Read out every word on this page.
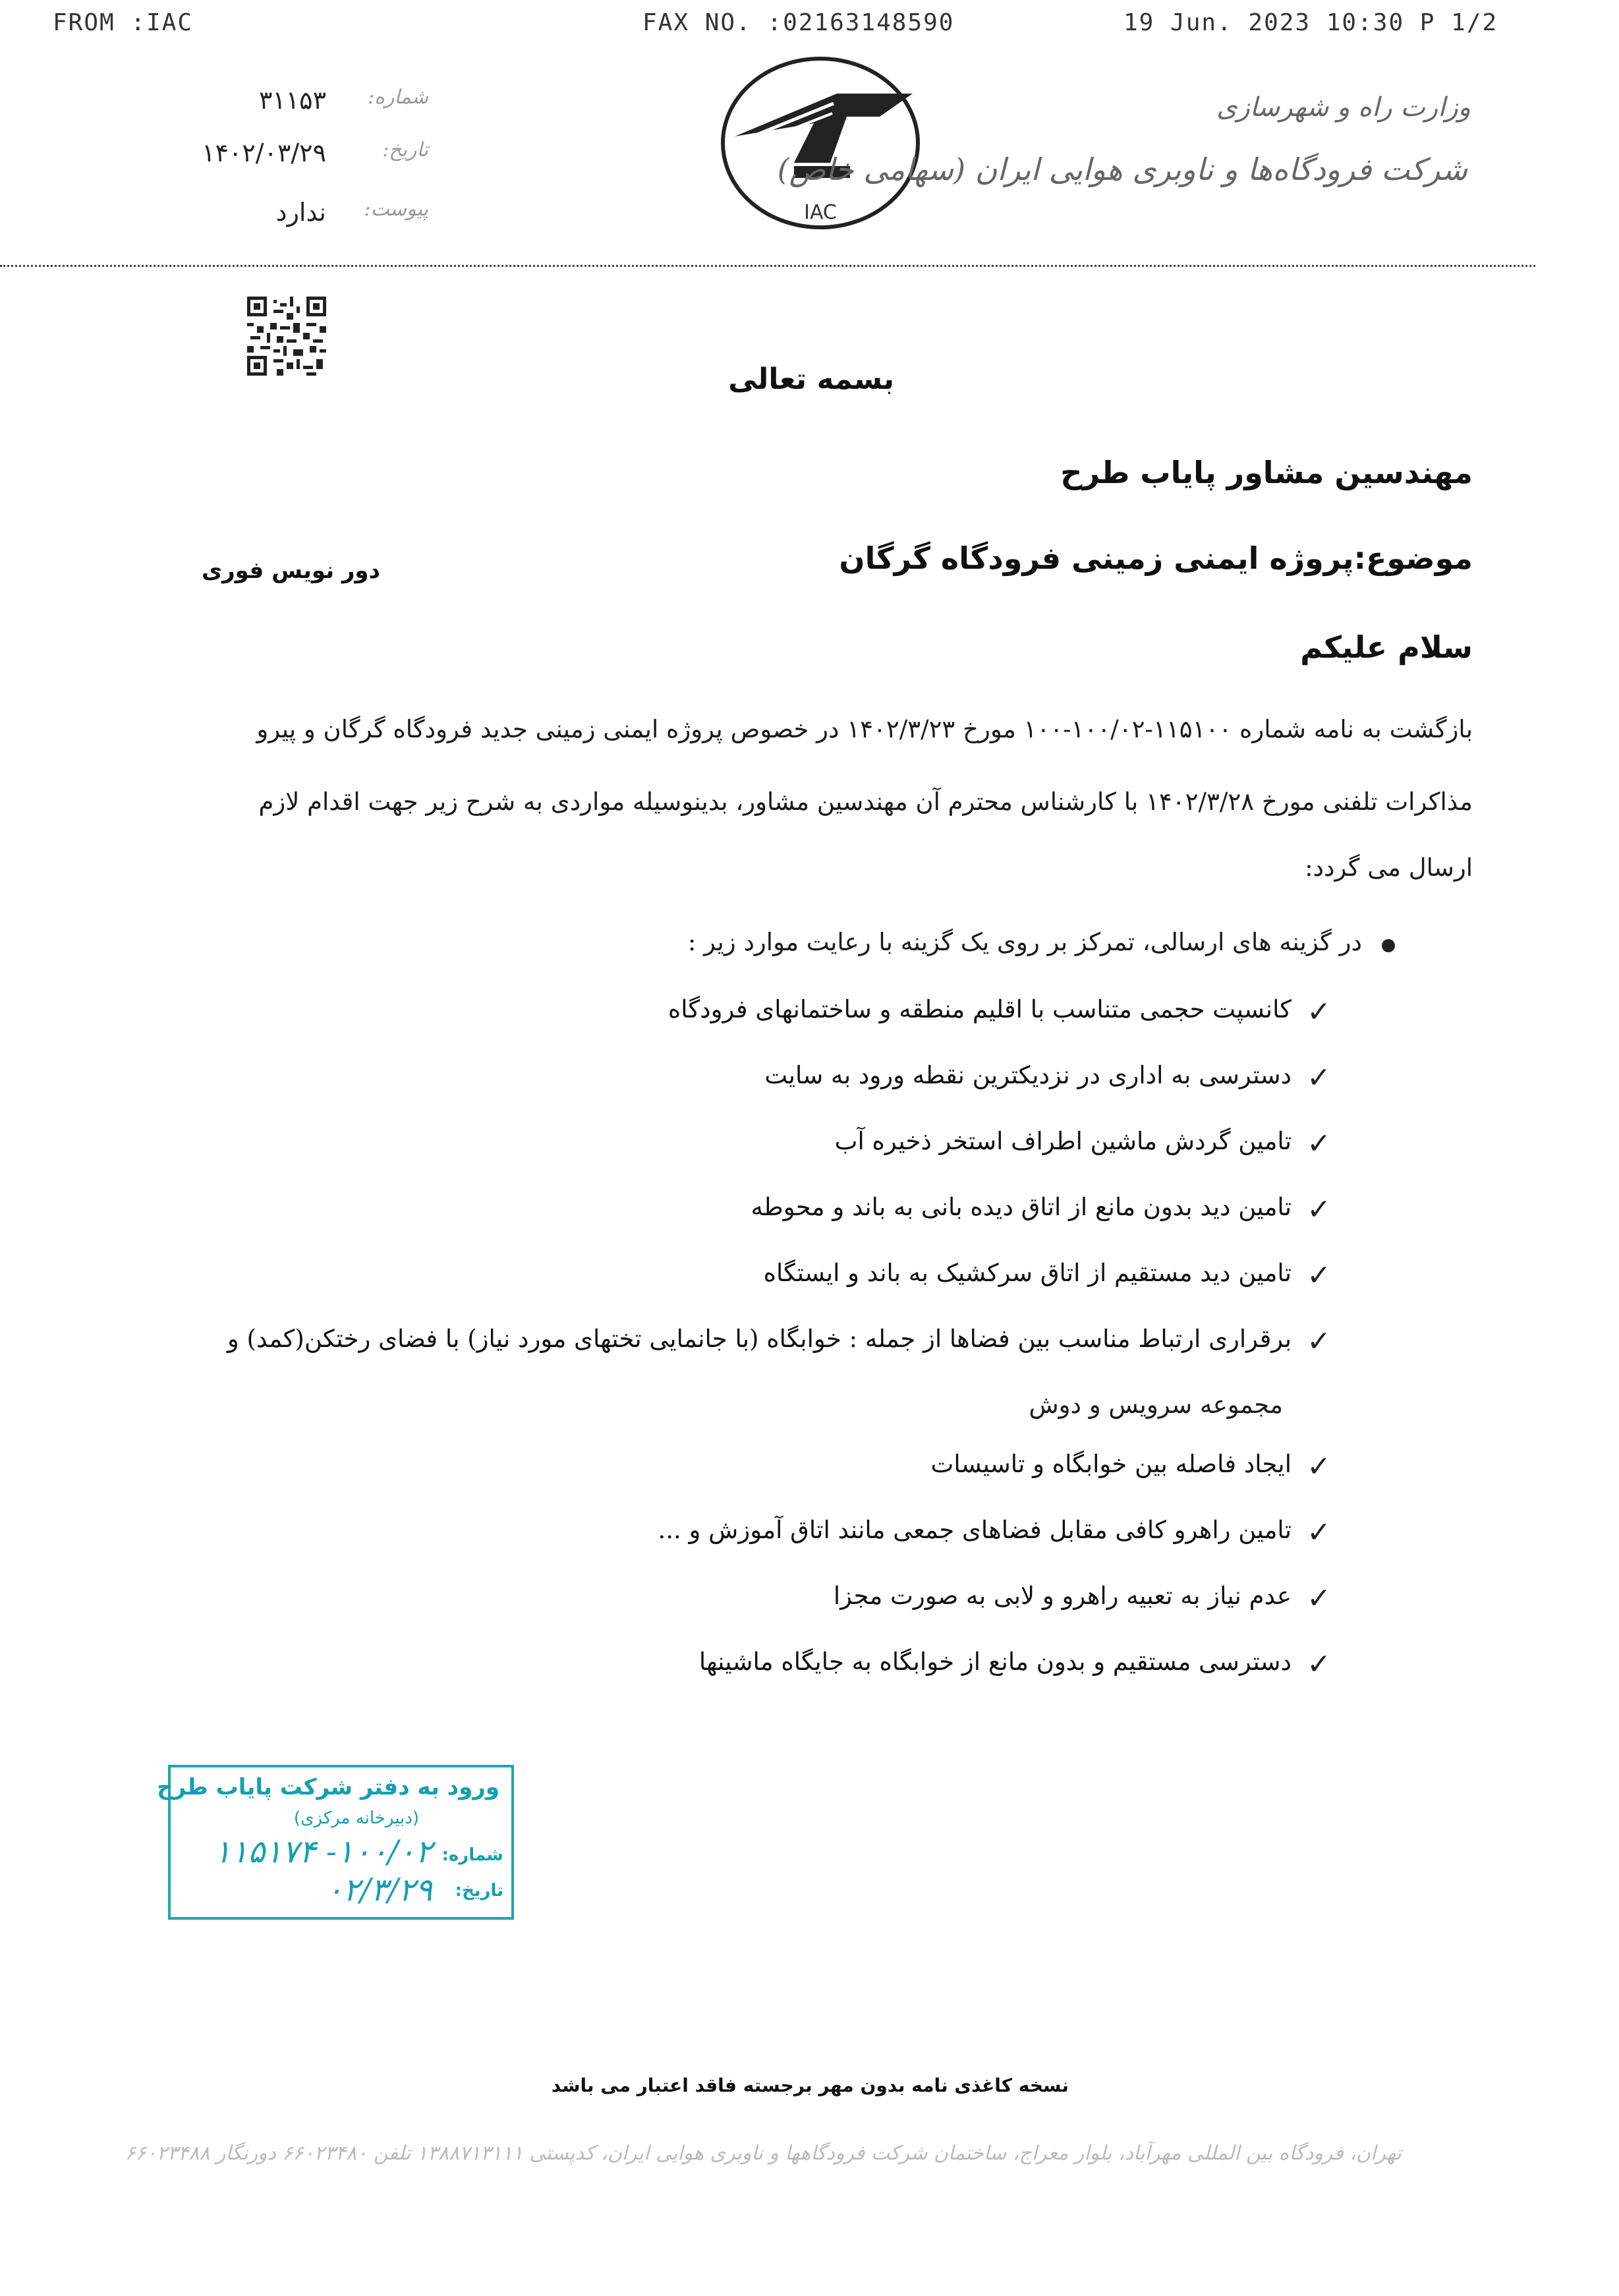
FROM :IAC	FAX NO. :02163148590	19 Jun. 2023 10:30 P 1/2
شماره:
۳۱۱۵۳
تاریخ:
۱۴۰۲/۰۳/۲۹
پیوست:
ندارد	IAC
وزارت راه و شهرسازی
شرکت فرودگاه‌ها و ناوبری هوایی ایران (سهامی خاص)
بسمه تعالی
مهندسین مشاور پایاب طرح
موضوع:پروژه ایمنی زمینی فرودگاه گرگان
دور نویس فوری
سلام علیکم
بازگشت به نامه شماره ۱۱۵۱۰۰-۱۰۰/۰۲-۱۰۰ مورخ ۱۴۰۲/۳/۲۳ در خصوص پروژه ایمنی زمینی جدید فرودگاه گرگان و پیرو
مذاکرات تلفنی مورخ ۱۴۰۲/۳/۲۸ با کارشناس محترم آن مهندسین مشاور، بدینوسیله مواردی به شرح زیر جهت اقدام لازم
ارسال می گردد:
در گزینه های ارسالی، تمرکز بر روی یک گزینه با رعایت موارد زیر :
✓
کانسپت حجمی متناسب با اقلیم منطقه و ساختمانهای فرودگاه
✓
دسترسی به اداری در نزدیکترین نقطه ورود به سایت
✓
تامین گردش ماشین اطراف استخر ذخیره آب
✓
تامین دید بدون مانع از اتاق دیده بانی به باند و محوطه
✓
تامین دید مستقیم از اتاق سرکشیک به باند و ایستگاه
✓
برقراری ارتباط مناسب بین فضاها از جمله : خوابگاه (با جانمایی تختهای مورد نیاز) با فضای رختکن(کمد) و
مجموعه سرویس و دوش
✓
ایجاد فاصله بین خوابگاه و تاسیسات
✓
تامین راهرو کافی مقابل فضاهای جمعی مانند اتاق آموزش و ...
✓
عدم نیاز به تعبیه راهرو و لابی به صورت مجزا
✓
دسترسی مستقیم و بدون مانع از خوابگاه به جایگاه ماشینها
ورود به دفتر شرکت پایاب طرح
(دبیرخانه مرکزی)
شماره:
۱۰۰/۰۲- ۱۱۵۱۷۴
تاریخ:
۰۲/۳/۲۹
نسخه کاغذی نامه بدون مهر برجسته فاقد اعتبار می باشد
تهران، فرودگاه بین المللی مهرآباد، بلوار معراج، ساختمان شرکت فرودگاهها و ناوبری هوایی ایران، کدپستی ۱۳۸۸۷۱۳۱۱۱ تلفن ۶۶۰۲۳۴۸۰ دورنگار ۶۶۰۲۳۴۸۸
